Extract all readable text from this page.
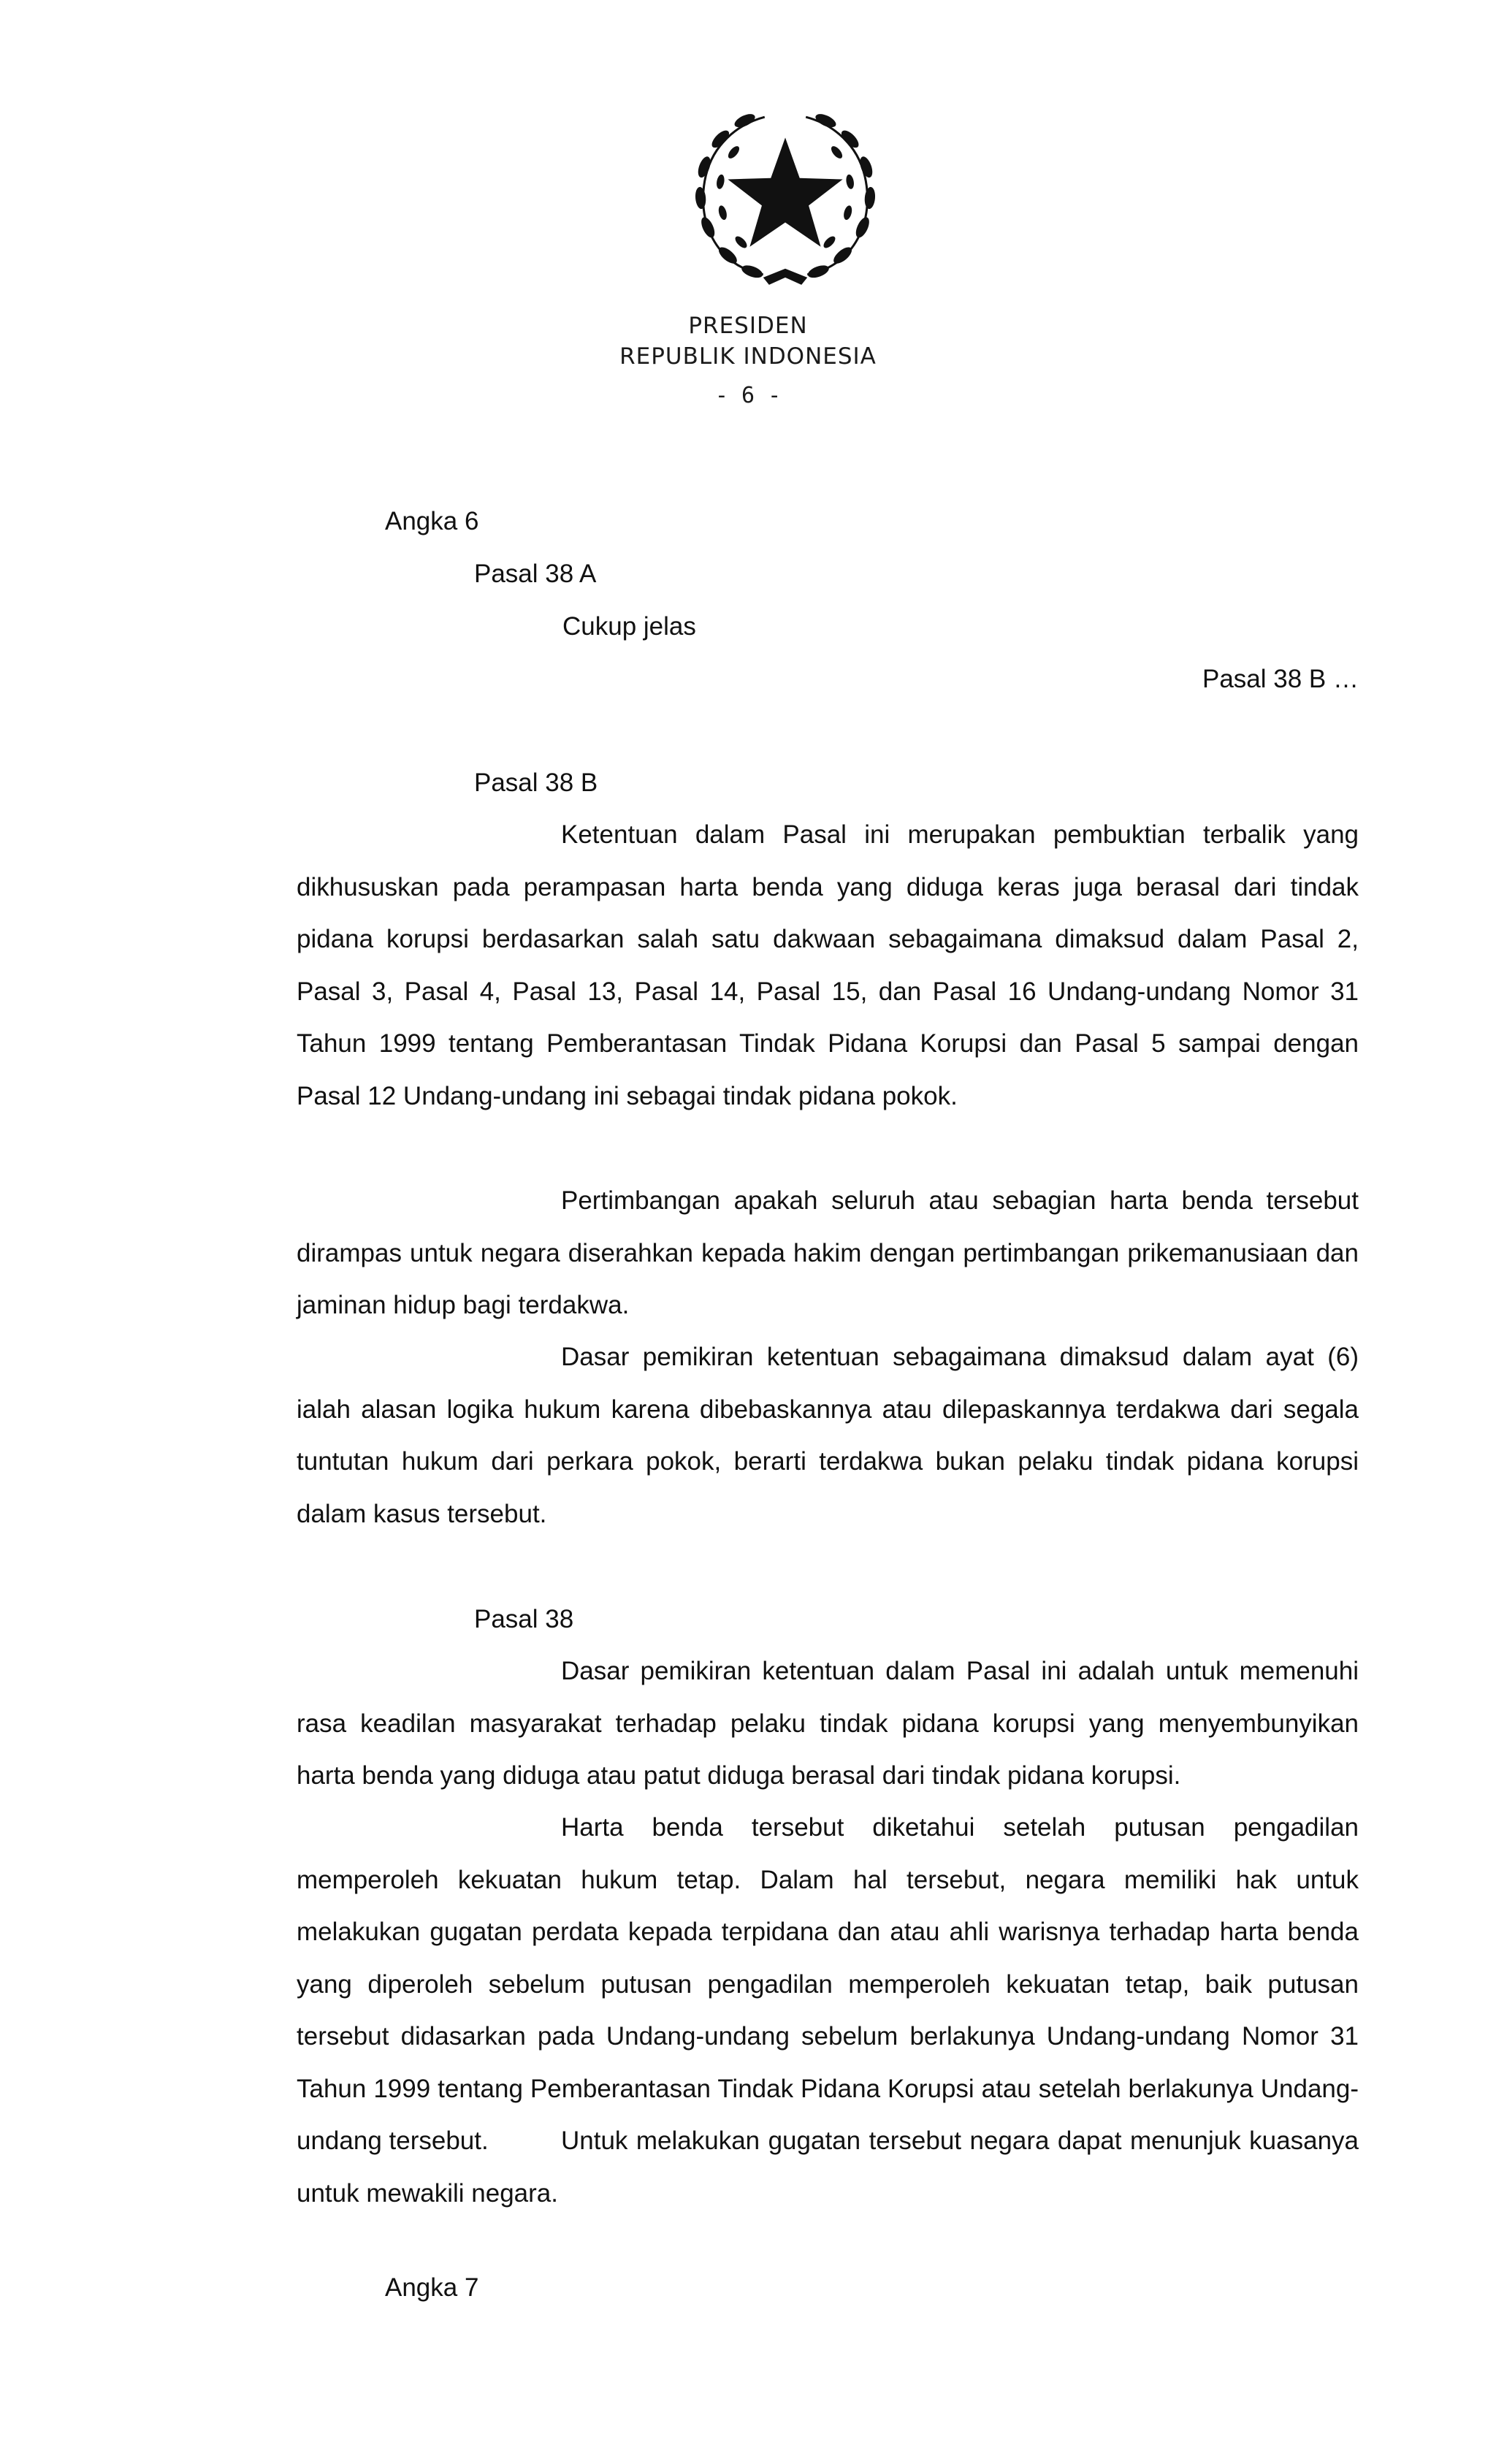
PRESIDEN
REPUBLIK INDONESIA
- 6 -
Angka 6
Pasal 38 A
Cukup jelas
Pasal 38 B …
Pasal 38 B

Ketentuan dalam Pasal ini merupakan pembuktian terbalik yang dikhususkan pada perampasan harta benda yang diduga keras juga berasal dari tindak pidana korupsi berdasarkan salah satu dakwaan sebagaimana dimaksud dalam Pasal 2, Pasal 3, Pasal 4, Pasal 13, Pasal 14, Pasal 15, dan Pasal 16 Undang-undang Nomor 31 Tahun 1999 tentang Pemberantasan Tindak Pidana Korupsi dan Pasal 5 sampai dengan Pasal 12 Undang-undang ini sebagai tindak pidana pokok.

Pertimbangan apakah seluruh atau sebagian harta benda tersebut dirampas untuk negara diserahkan kepada hakim dengan pertimbangan prikemanusiaan dan jaminan hidup bagi terdakwa.

Dasar pemikiran ketentuan sebagaimana dimaksud dalam ayat (6) ialah alasan logika hukum karena dibebaskannya atau dilepaskannya terdakwa dari segala tuntutan hukum dari perkara pokok, berarti terdakwa bukan pelaku tindak pidana korupsi dalam kasus tersebut.

Pasal 38

Dasar pemikiran ketentuan dalam Pasal ini adalah untuk memenuhi rasa keadilan masyarakat terhadap pelaku tindak pidana korupsi yang menyembunyikan harta benda yang diduga atau patut diduga berasal dari tindak pidana korupsi.

Harta benda tersebut diketahui setelah putusan pengadilan memperoleh kekuatan hukum tetap. Dalam hal tersebut, negara memiliki hak untuk melakukan gugatan perdata kepada terpidana dan atau ahli warisnya terhadap harta benda yang diperoleh sebelum putusan pengadilan memperoleh kekuatan tetap, baik putusan tersebut didasarkan pada Undang-undang sebelum berlakunya Undang-undang Nomor 31 Tahun 1999 tentang Pemberantasan Tindak Pidana Korupsi atau setelah berlakunya Undang-undang tersebut.	Untuk melakukan gugatan tersebut negara dapat menunjuk kuasanya untuk mewakili negara.

Angka 7
